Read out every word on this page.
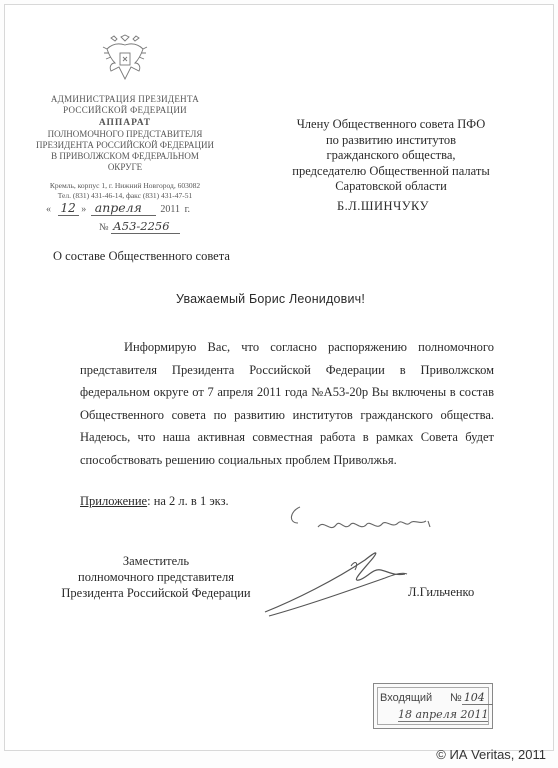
АДМИНИСТРАЦИЯ ПРЕЗИДЕНТА
РОССИЙСКОЙ ФЕДЕРАЦИИ
АППАРАТ
ПОЛНОМОЧНОГО ПРЕДСТАВИТЕЛЯ
ПРЕЗИДЕНТА РОССИЙСКОЙ ФЕДЕРАЦИИ
В ПРИВОЛЖСКОМ ФЕДЕРАЛЬНОМ ОКРУГЕ
Кремль, корпус 1, г. Нижний Новгород, 603082
Тел. (831) 431-46-14, факс (831) 431-47-51
« 12 » апреля 2011 г.
№ А53-2256
Члену Общественного совета ПФО
по развитию институтов
гражданского общества,
председателю Общественной палаты
Саратовской области
Б.Л.ШИНЧУКУ
О составе Общественного совета
Уважаемый Борис Леонидович!
Информирую Вас, что согласно распоряжению полномочного представителя Президента Российской Федерации в Приволжском федеральном округе от 7 апреля 2011 года №А53-20р Вы включены в состав Общественного совета по развитию институтов гражданского общества. Надеюсь, что наша активная совместная работа в рамках Совета будет способствовать решению социальных проблем Приволжья.
Приложение: на 2 л. в 1 экз.
Заместитель
полномочного представителя
Президента Российской Федерации	Л.Гильченко
Входящий № 104
18 апреля 2011
© ИА Veritas, 2011
